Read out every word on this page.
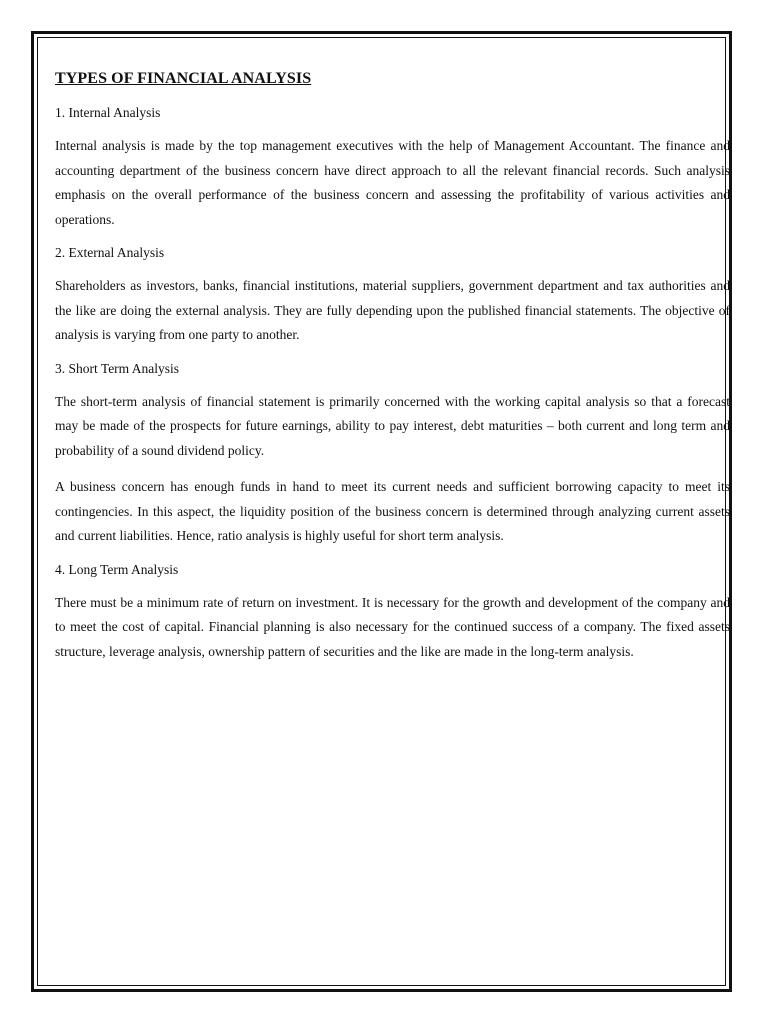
TYPES OF FINANCIAL ANALYSIS
1. Internal Analysis

Internal analysis is made by the top management executives with the help of Management Accountant. The finance and accounting department of the business concern have direct approach to all the relevant financial records. Such analysis emphasis on the overall performance of the business concern and assessing the profitability of various activities and operations.

2. External Analysis

Shareholders as investors, banks, financial institutions, material suppliers, government department and tax authorities and the like are doing the external analysis. They are fully depending upon the published financial statements. The objective of analysis is varying from one party to another.

3. Short Term Analysis

The short-term analysis of financial statement is primarily concerned with the working capital analysis so that a forecast may be made of the prospects for future earnings, ability to pay interest, debt maturities – both current and long term and probability of a sound dividend policy.

A business concern has enough funds in hand to meet its current needs and sufficient borrowing capacity to meet its contingencies. In this aspect, the liquidity position of the business concern is determined through analyzing current assets and current liabilities. Hence, ratio analysis is highly useful for short term analysis.

4. Long Term Analysis

There must be a minimum rate of return on investment. It is necessary for the growth and development of the company and to meet the cost of capital. Financial planning is also necessary for the continued success of a company. The fixed assets structure, leverage analysis, ownership pattern of securities and the like are made in the long-term analysis.
